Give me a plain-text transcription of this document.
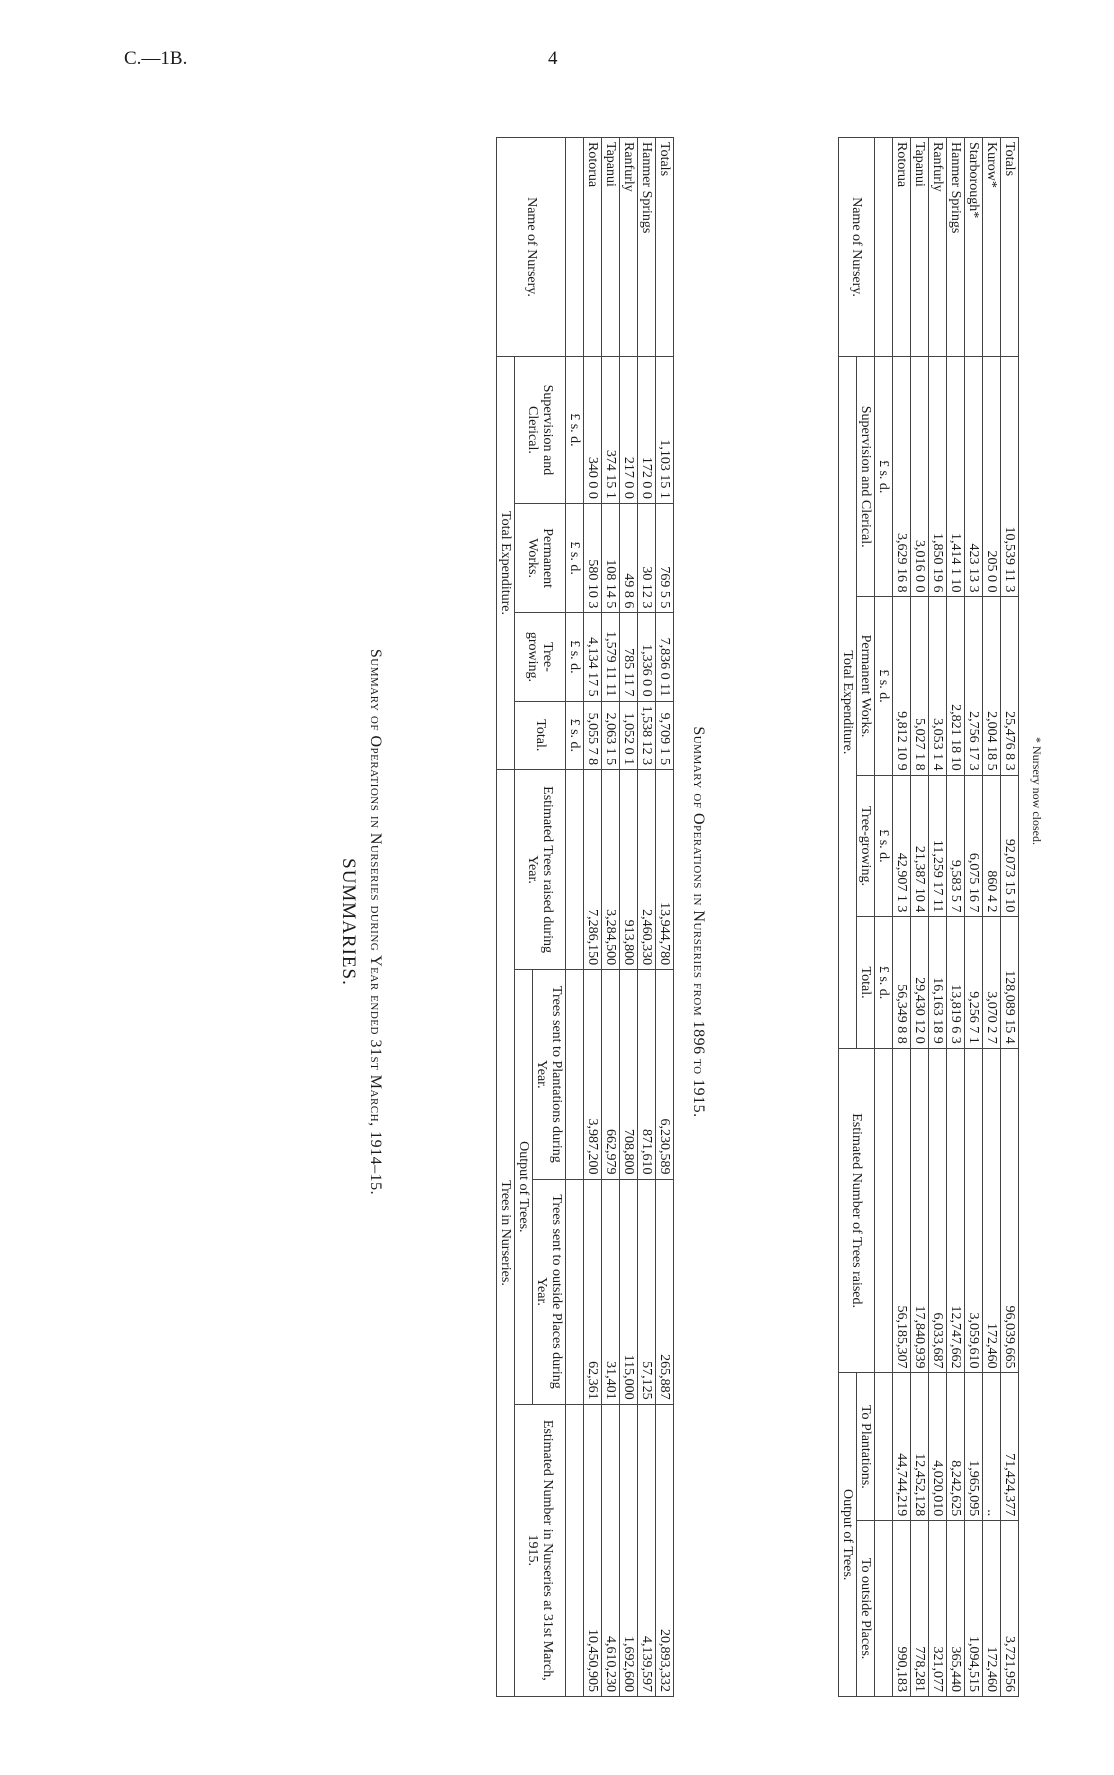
C.—1B.	4
SUMMARIES. Summary of Operations in Nurseries during Year ended 31st March, 1914–15.
Name of Nursery.	Total Expenditure.				Trees in Nurseries.			
	Supervision and Clerical.	Permanent Works.	Tree-growing.	Total.	Estimated Trees raised during Year.	Output of Trees.		Estimated Number in Nurseries at 31st March, 1915.
						Trees sent to Plantations during Year.	Trees sent to outside Places during Year.	
	£ s. d.	£ s. d.	£ s. d.	£ s. d.				
Rotorua	340 0 0	580 10 3	4,134 17 5	5,055 7 8	7,286,150	3,987,200	62,361	10,450,905
Tapanui	374 15 1	108 14 5	1,579 11 11	2,063 1 5	3,284,500	662,979	31,401	4,610,230
Ranfurly	217 0 0	49 8 6	785 11 7	1,052 0 1	913,800	708,800	115,000	1,692,600
Hanmer Springs	172 0 0	30 12 3	1,336 0 0	1,538 12 3	2,460,330	871,610	57,125	4,139,597
Totals	1,103 15 1	769 5 5	7,836 0 11	9,709 1 5	13,944,780	6,230,589	265,887	20,893,332
Summary of Operations in Nurseries from 1896 to 1915.
Name of Nursery.	Total Expenditure.				Estimated Number of Trees raised.	Output of Trees.	
	Supervision and Clerical.	Permanent Works.	Tree-growing.	Total.		To Plantations.	To outside Places.
	£ s. d.	£ s. d.	£ s. d.	£ s. d.			
Rotorua	3,629 16 8	9,812 10 9	42,907 1 3	56,349 8 8	56,185,307	44,744,219	990,183
Tapanui	3,016 0 0	5,027 1 8	21,387 10 4	29,430 12 0	17,840,939	12,452,128	778,281
Ranfurly	1,850 19 6	3,053 1 4	11,259 17 11	16,163 18 9	6,033,687	4,020,010	321,077
Hanmer Springs	1,414 1 10	2,821 18 10	9,583 5 7	13,819 6 3	12,747,662	8,242,625	365,440
Starborough*	423 13 3	2,756 17 3	6,075 16 7	9,256 7 1	3,059,610	1,965,095	1,094,515
Kurow*	205 0 0	2,004 18 5	860 4 2	3,070 2 7	172,460	..	172,460
Totals	10,539 11 3	25,476 8 3	92,073 15 10	128,089 15 4	96,039,665	71,424,377	3,721,956
* Nursery now closed.
